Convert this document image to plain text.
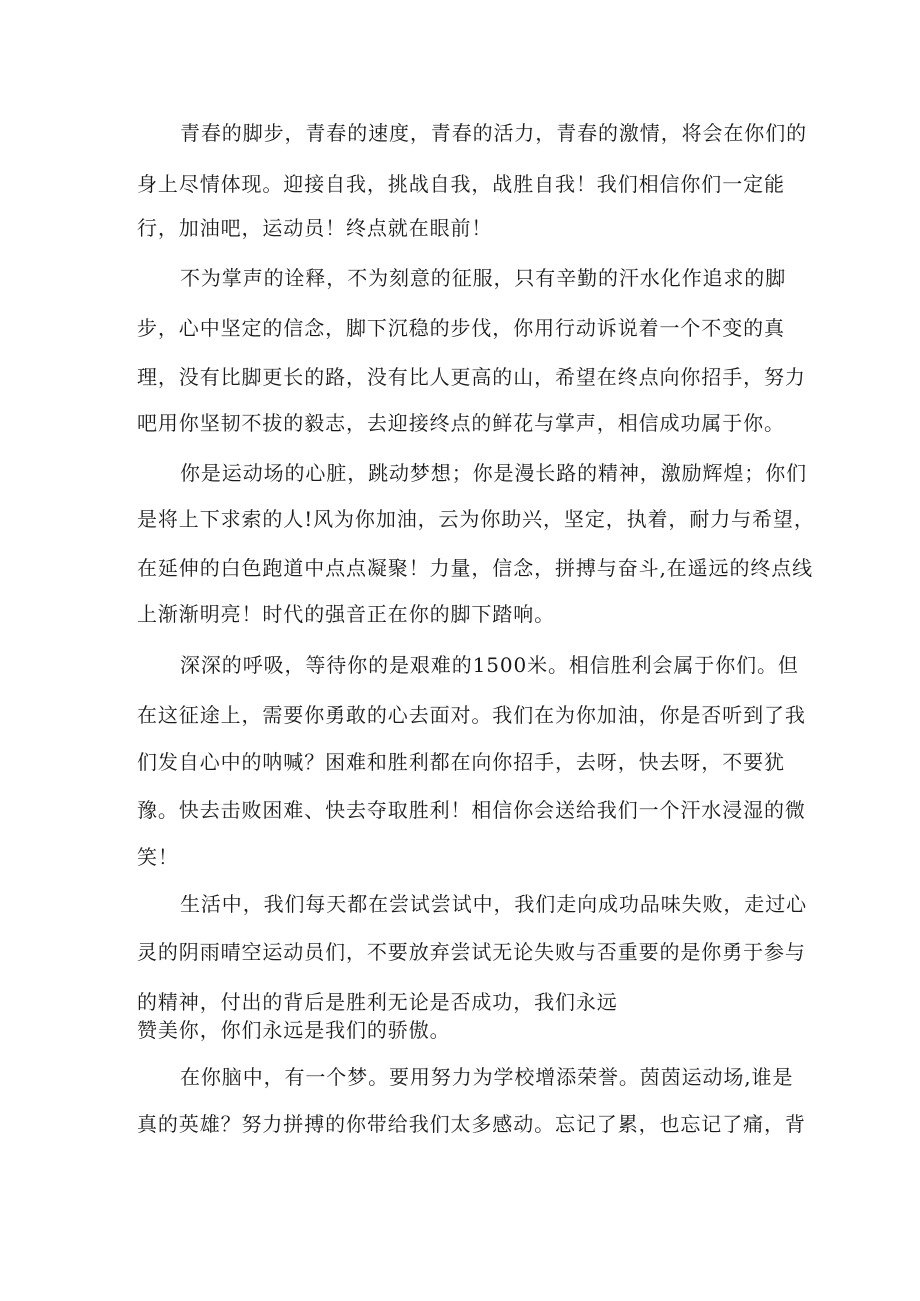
青春的脚步，青春的速度，青春的活力，青春的激情，将会在你们的
身上尽情体现。迎接自我，挑战自我，战胜自我！我们相信你们一定能
行，加油吧，运动员！终点就在眼前！
不为掌声的诠释，不为刻意的征服，只有辛勤的汗水化作追求的脚
步，心中坚定的信念，脚下沉稳的步伐，你用行动诉说着一个不变的真
理，没有比脚更长的路，没有比人更高的山，希望在终点向你招手，努力
吧用你坚韧不拔的毅志，去迎接终点的鲜花与掌声，相信成功属于你。
你是运动场的心脏，跳动梦想；你是漫长路的精神，激励辉煌；你们
是将上下求索的人!风为你加油，云为你助兴，坚定，执着，耐力与希望，
在延伸的白色跑道中点点凝聚！力量，信念，拼搏与奋斗,在遥远的终点线
上渐渐明亮！时代的强音正在你的脚下踏响。
深深的呼吸，等待你的是艰难的1500米。相信胜利会属于你们。但
在这征途上，需要你勇敢的心去面对。我们在为你加油，你是否听到了我
们发自心中的呐喊？困难和胜利都在向你招手，去呀，快去呀，不要犹
豫。快去击败困难、快去夺取胜利！相信你会送给我们一个汗水浸湿的微
笑！
生活中，我们每天都在尝试尝试中，我们走向成功品味失败，走过心
灵的阴雨晴空运动员们，不要放弃尝试无论失败与否重要的是你勇于参与
的精神，付出的背后是胜利无论是否成功，我们永远
赞美你，你们永远是我们的骄傲。
在你脑中，有一个梦。要用努力为学校增添荣誉。茵茵运动场,谁是
真的英雄？努力拼搏的你带给我们太多感动。忘记了累，也忘记了痛，背
